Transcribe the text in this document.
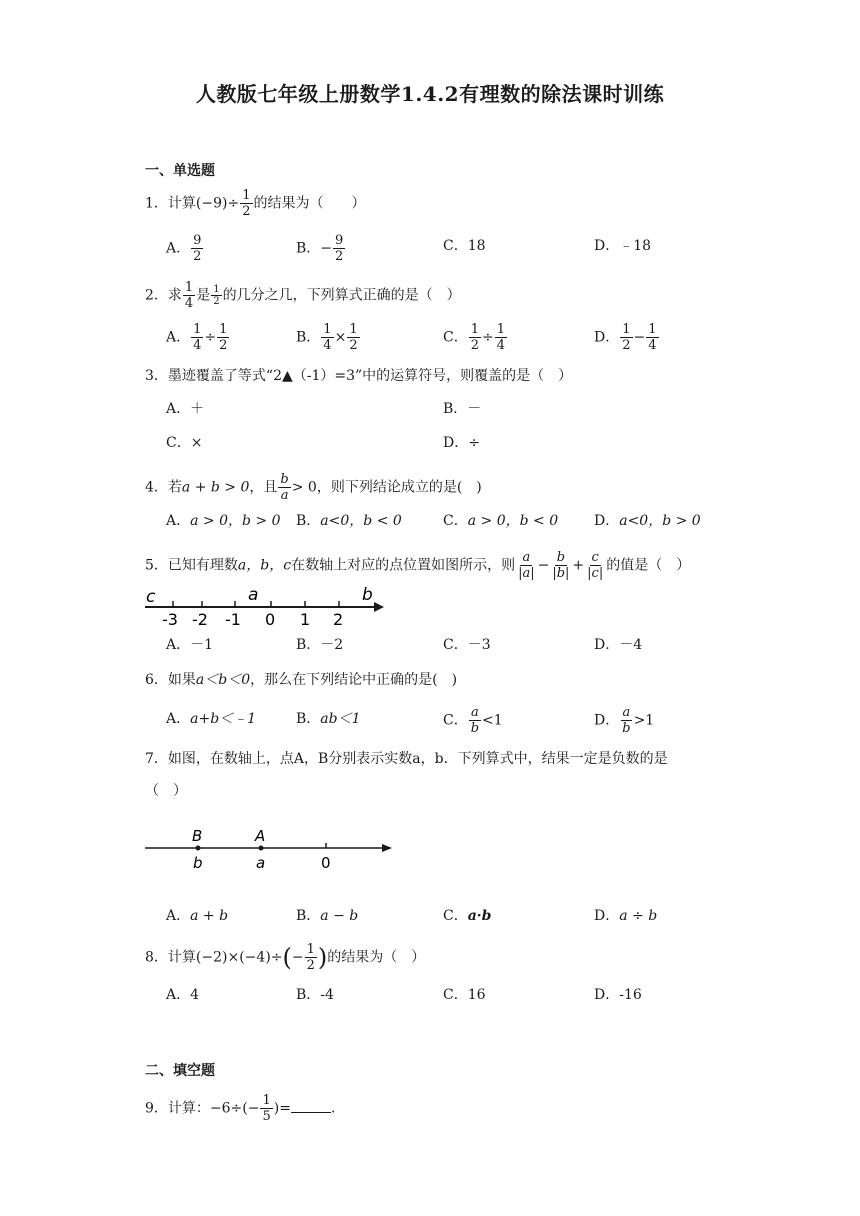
人教版七年级上册数学1.4.2有理数的除法课时训练
一、单选题
1．计算$(-9)\div \frac{1}{2}$ 的结果为（　　）
A． $\frac{9}{2}$	B．− $\frac{9}{2}$	C．18	D．﹣18
2．求 $\frac{1}{4}$ 是 $\frac{1}{2}$ 的几分之几，下列算式正确的是（　）
A． $\frac{1}{4} \div \frac{1}{2}$	B． $\frac{1}{4} \times \frac{1}{2}$	C． $\frac{1}{2} \div \frac{1}{4}$	D． $\frac{1}{2} - \frac{1}{4}$
3．墨迹覆盖了等式“2▲（-1）=3”中的运算符号，则覆盖的是（　）
A．＋	B．－
C．×	D．÷
4．若a + b > 0，且 $\frac{b}{a} > 0$，则下列结论成立的是(　)
A．a > 0，b > 0 B．a<0，b < 0	C．a > 0，b < 0	D．a<0，b > 0
5．已知有理数a，b，c在数轴上对应的点位置如图所示，则 $\frac{a}{|a|} - \frac{b}{|b|} + \frac{c}{|c|}$ 的值是（　）
-3 -2 -1 0 1 2
c	a	b
A．－1	B．－2	C．－3	D．－4
6．如果a＜b＜0，那么在下列结论中正确的是(　)
A．a+b＜﹣1	B．ab＜1	C． $\frac{a}{b} <1$	D． $\frac{a}{b} >1$
7．如图，在数轴上，点A，B分别表示实数a，b．下列算式中，结果一定是负数的是
（　）
B	A
b	a	0
A．a + b	B．a − b	C．a·b	D．a ÷ b
8．计算$(-2)\times(-4)\div(- \frac{1}{2}$ )的结果为（　）
A．4	B．-4	C．16	D．-16
二、填空题
9．计算：$-6\div(- \frac{1}{5}$ )=	.
